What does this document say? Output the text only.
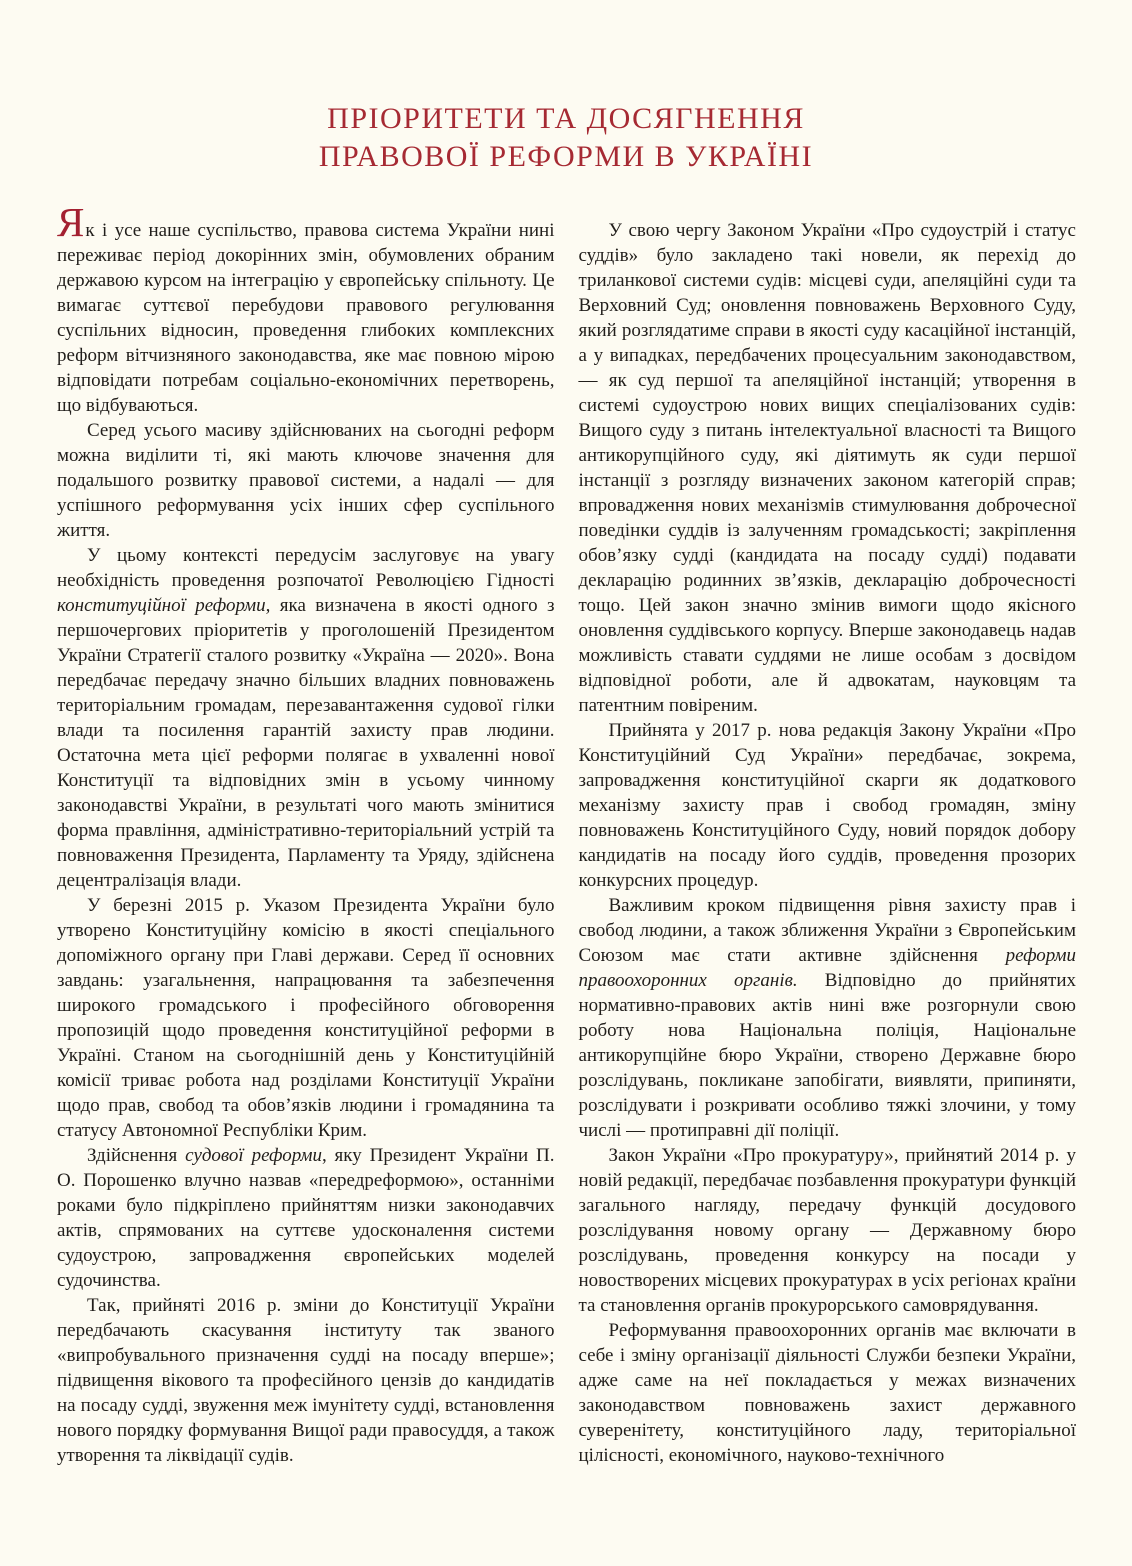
ПРІОРИТЕТИ ТА ДОСЯГНЕННЯ
ПРАВОВОЇ РЕФОРМИ В УКРАЇНІ

Як і усе наше суспільство, правова система України нині переживає період докорінних змін, обумовлених обраним державою курсом на інтеграцію у європейську спільноту. Це вимагає суттєвої перебудови правового регулювання суспільних відносин, проведення глибоких комплексних реформ вітчизняного законодавства, яке має повною мірою відповідати потребам соціально-економічних перетворень, що відбуваються.

Серед усього масиву здійснюваних на сьогодні реформ можна виділити ті, які мають ключове значення для подальшого розвитку правової системи, а надалі — для успішного реформування усіх інших сфер суспільного життя.

У цьому контексті передусім заслуговує на увагу необхідність проведення розпочатої Революцією Гідності конституційної реформи, яка визначена в якості одного з першочергових пріоритетів у проголошеній Президентом України Стратегії сталого розвитку «Україна — 2020». Вона передбачає передачу значно більших владних повноважень територіальним громадам, перезавантаження судової гілки влади та посилення гарантій захисту прав людини. Остаточна мета цієї реформи полягає в ухваленні нової Конституції та відповідних змін в усьому чинному законодавстві України, в результаті чого мають змінитися форма правління, адміністративно-територіальний устрій та повноваження Президента, Парламенту та Уряду, здійснена децентралізація влади.

У березні 2015 р. Указом Президента України було утворено Конституційну комісію в якості спеціального допоміжного органу при Главі держави. Серед її основних завдань: узагальнення, напрацювання та забезпечення широкого громадського і професійного обговорення пропозицій щодо проведення конституційної реформи в Україні. Станом на сьогоднішній день у Конституційній комісії триває робота над розділами Конституції України щодо прав, свобод та обов’язків людини і громадянина та статусу Автономної Республіки Крим.

Здійснення судової реформи, яку Президент України П. О. Порошенко влучно назвав «передреформою», останніми роками було підкріплено прийняттям низки законодавчих актів, спрямованих на суттєве удосконалення системи судоустрою, запровадження європейських моделей судочинства.

Так, прийняті 2016 р. зміни до Конституції України передбачають скасування інституту так званого «випробувального призначення судді на посаду вперше»; підвищення вікового та професійного цензів до кандидатів на посаду судді, звуження меж імунітету судді, встановлення нового порядку формування Вищої ради правосуддя, а також утворення та ліквідації судів.

У свою чергу Законом України «Про судоустрій і статус суддів» було закладено такі новели, як перехід до триланкової системи судів: місцеві суди, апеляційні суди та Верховний Суд; оновлення повноважень Верховного Суду, який розглядатиме справи в якості суду касаційної інстанцій, а у випадках, передбачених процесуальним законодавством, — як суд першої та апеляційної інстанцій; утворення в системі судоустрою нових вищих спеціалізованих судів: Вищого суду з питань інтелектуальної власності та Вищого антикорупційного суду, які діятимуть як суди першої інстанції з розгляду визначених законом категорій справ; впровадження нових механізмів стимулювання доброчесної поведінки суддів із залученням громадськості; закріплення обов’язку судді (кандидата на посаду судді) подавати декларацію родинних зв’язків, декларацію доброчесності тощо. Цей закон значно змінив вимоги щодо якісного оновлення суддівського корпусу. Вперше законодавець надав можливість ставати суддями не лише особам з досвідом відповідної роботи, але й адвокатам, науковцям та патентним повіреним.

Прийнята у 2017 р. нова редакція Закону України «Про Конституційний Суд України» передбачає, зокрема, запровадження конституційної скарги як додаткового механізму захисту прав і свобод громадян, зміну повноважень Конституційного Суду, новий порядок добору кандидатів на посаду його суддів, проведення прозорих конкурсних процедур.

Важливим кроком підвищення рівня захисту прав і свобод людини, а також зближення України з Європейським Союзом має стати активне здійснення реформи правоохоронних органів. Відповідно до прийнятих нормативно-правових актів нині вже розгорнули свою роботу нова Національна поліція, Національне антикорупційне бюро України, створено Державне бюро розслідувань, покликане запобігати, виявляти, припиняти, розслідувати і розкривати особливо тяжкі злочини, у тому числі — протиправні дії поліції.

Закон України «Про прокуратуру», прийнятий 2014 р. у новій редакції, передбачає позбавлення прокуратури функцій загального нагляду, передачу функцій досудового розслідування новому органу — Державному бюро розслідувань, проведення конкурсу на посади у новостворених місцевих прокуратурах в усіх регіонах країни та становлення органів прокурорського самоврядування.

Реформування правоохоронних органів має включати в себе і зміну організації діяльності Служби безпеки України, адже саме на неї покладається у межах визначених законодавством повноважень захист державного суверенітету, конституційного ладу, територіальної цілісності, економічного, науково-технічного
